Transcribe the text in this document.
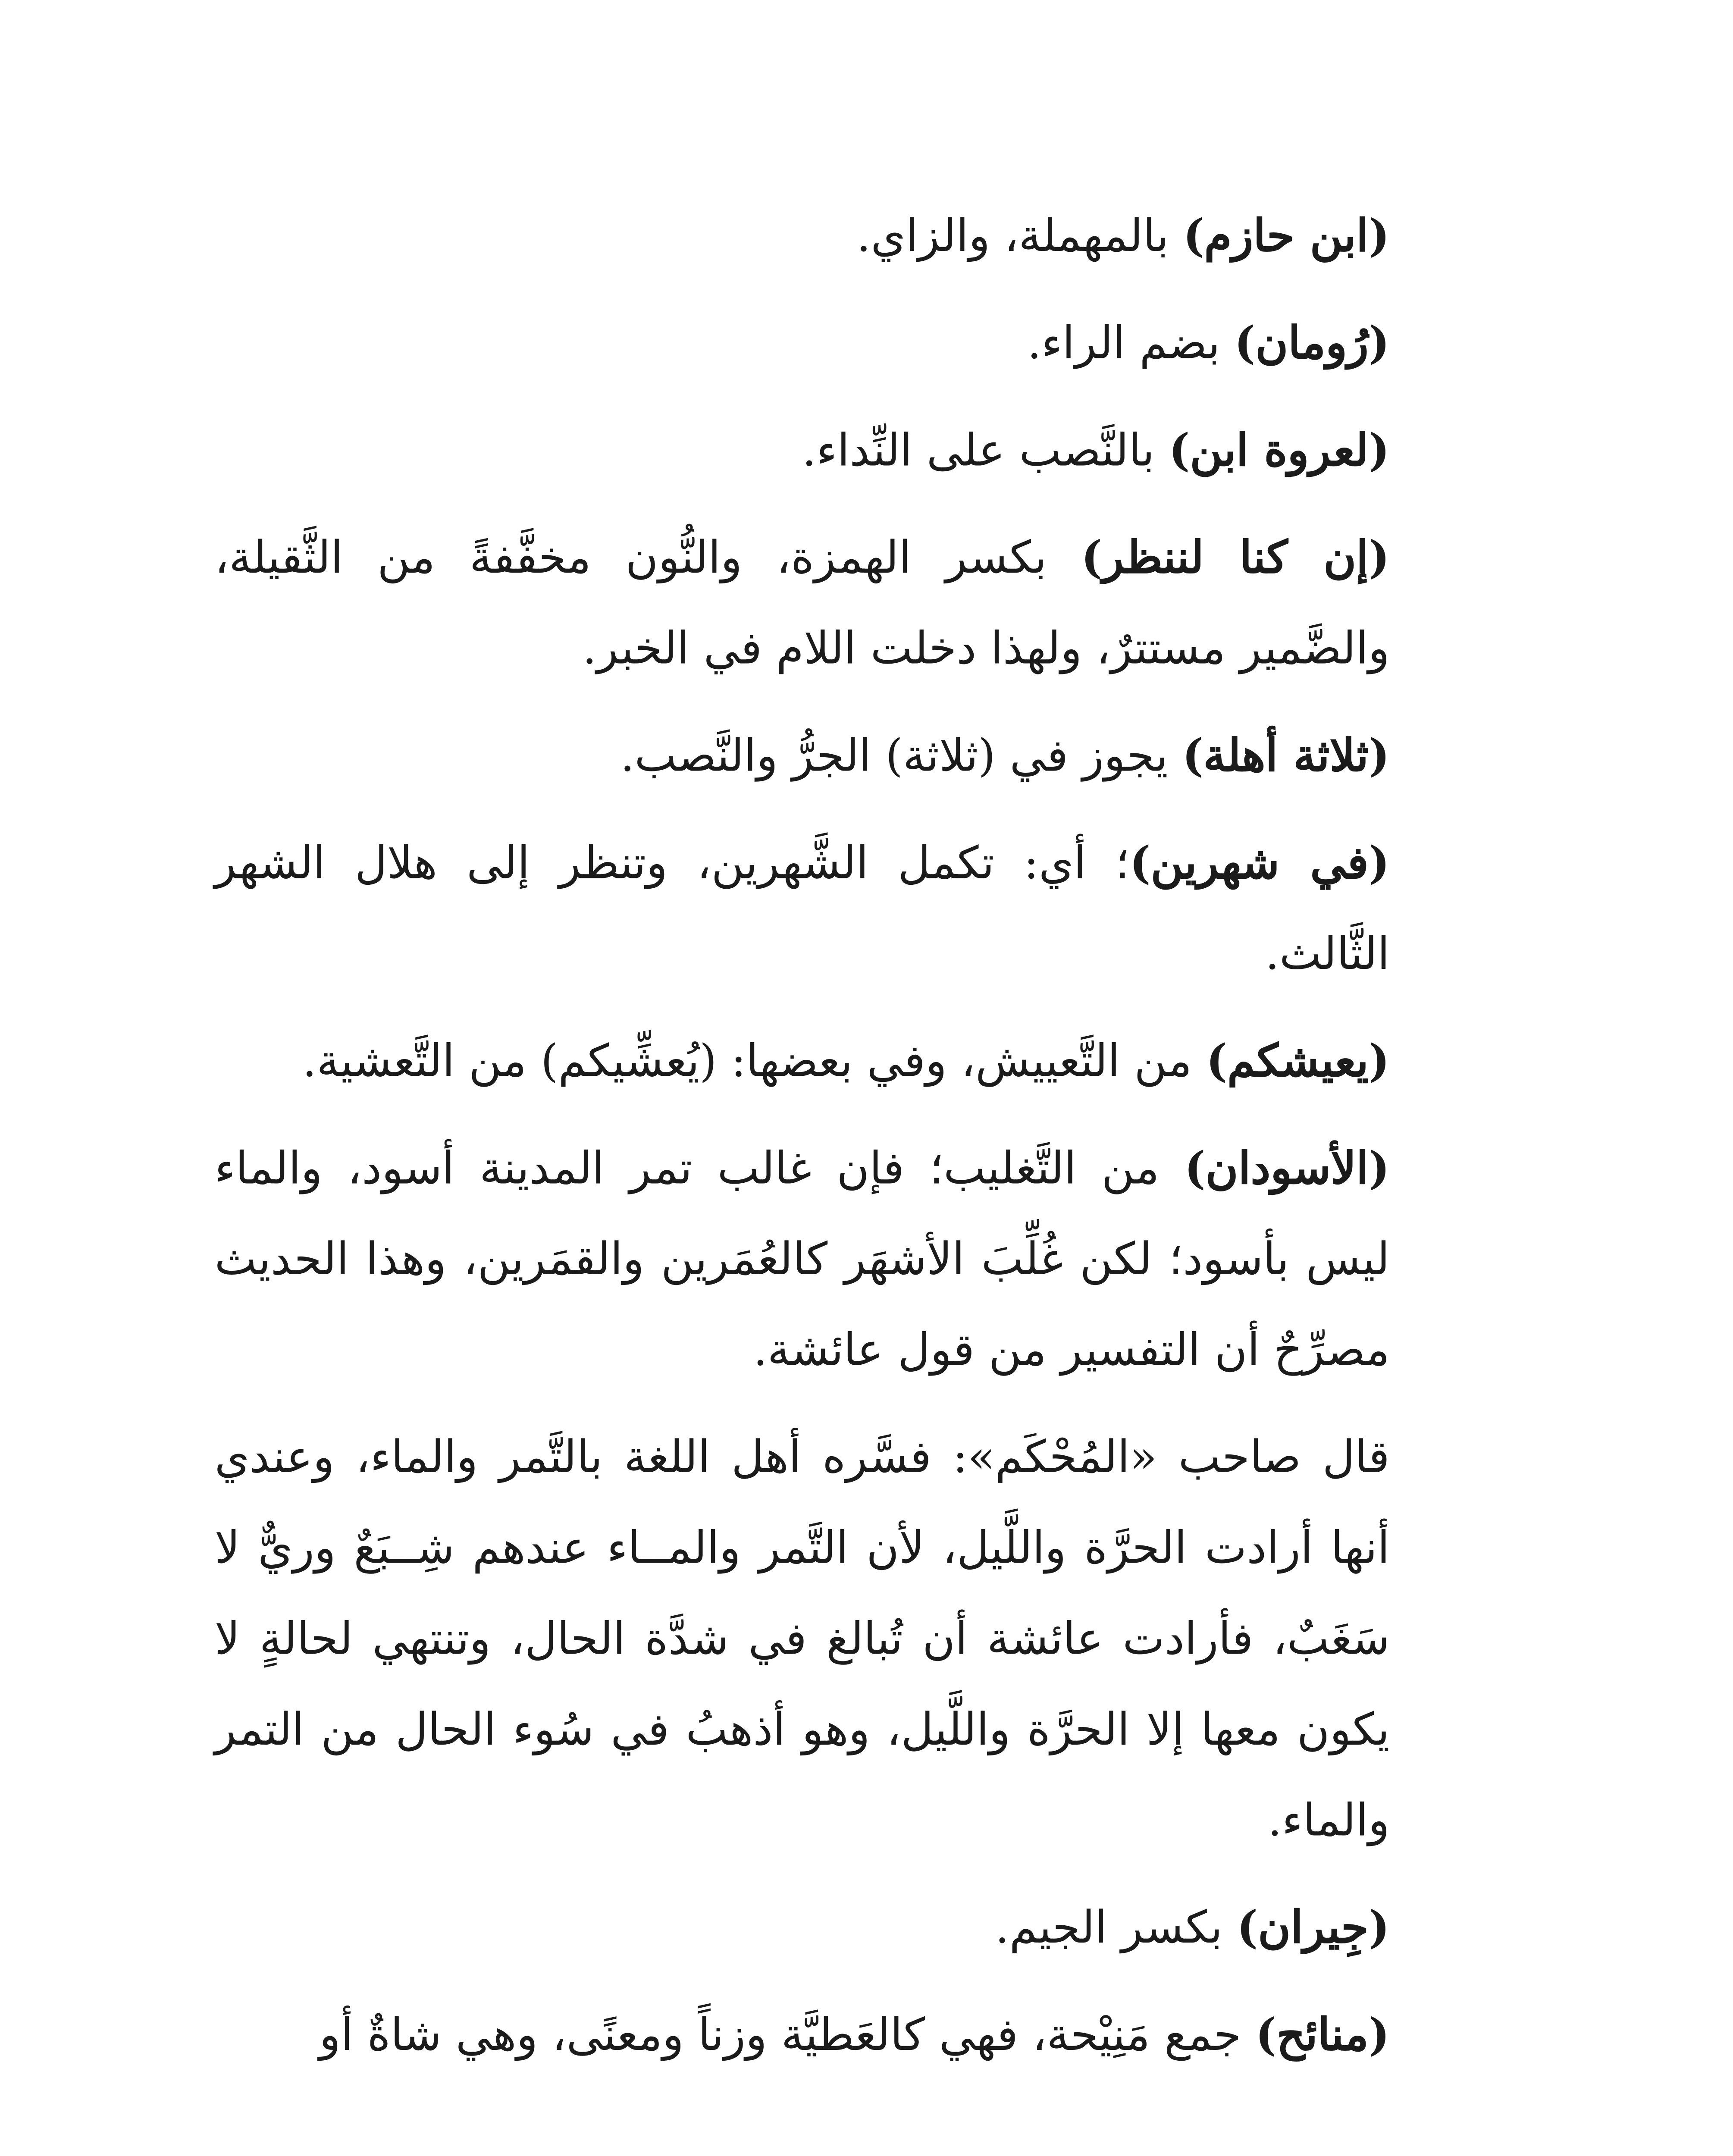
(ابن حازم) بالمهملة، والزاي.

(رُومان) بضم الراء.

(لعروة ابن) بالنَّصب على النِّداء.

(إن كنا لننظر) بكسر الهمزة، والنُّون مخفَّفةً من الثَّقيلة، والضَّمير مستترٌ، ولهذا دخلت اللام في الخبر.

(ثلاثة أهلة) يجوز في (ثلاثة) الجرُّ والنَّصب.

(في شهرين)؛ أي: تكمل الشَّهرين، وتنظر إلى هلال الشهر الثَّالث.

(يعيشكم) من التَّعييش، وفي بعضها: (يُعشِّيكم) من التَّعشية.

(الأسودان) من التَّغليب؛ فإن غالب تمر المدينة أسود، والماء ليس بأسود؛ لكن غُلِّبَ الأشهَر كالعُمَرين والقمَرين، وهذا الحديث مصرِّحٌ أن التفسير من قول عائشة.

قال صاحب «المُحْكَم»: فسَّره أهل اللغة بالتَّمر والماء، وعندي أنها أرادت الحرَّة واللَّيل، لأن التَّمر والمــاء عندهم شِــبَعٌ وريٌّ لا سَغَبٌ، فأرادت عائشة أن تُبالغ في شدَّة الحال، وتنتهي لحالةٍ لا يكون معها إلا الحرَّة واللَّيل، وهو أذهبُ في سُوء الحال من التمر والماء.

(جِيران) بكسر الجيم.

(منائح) جمع مَنِيْحة، فهي كالعَطيَّة وزناً ومعنًى، وهي شاةٌ أو
